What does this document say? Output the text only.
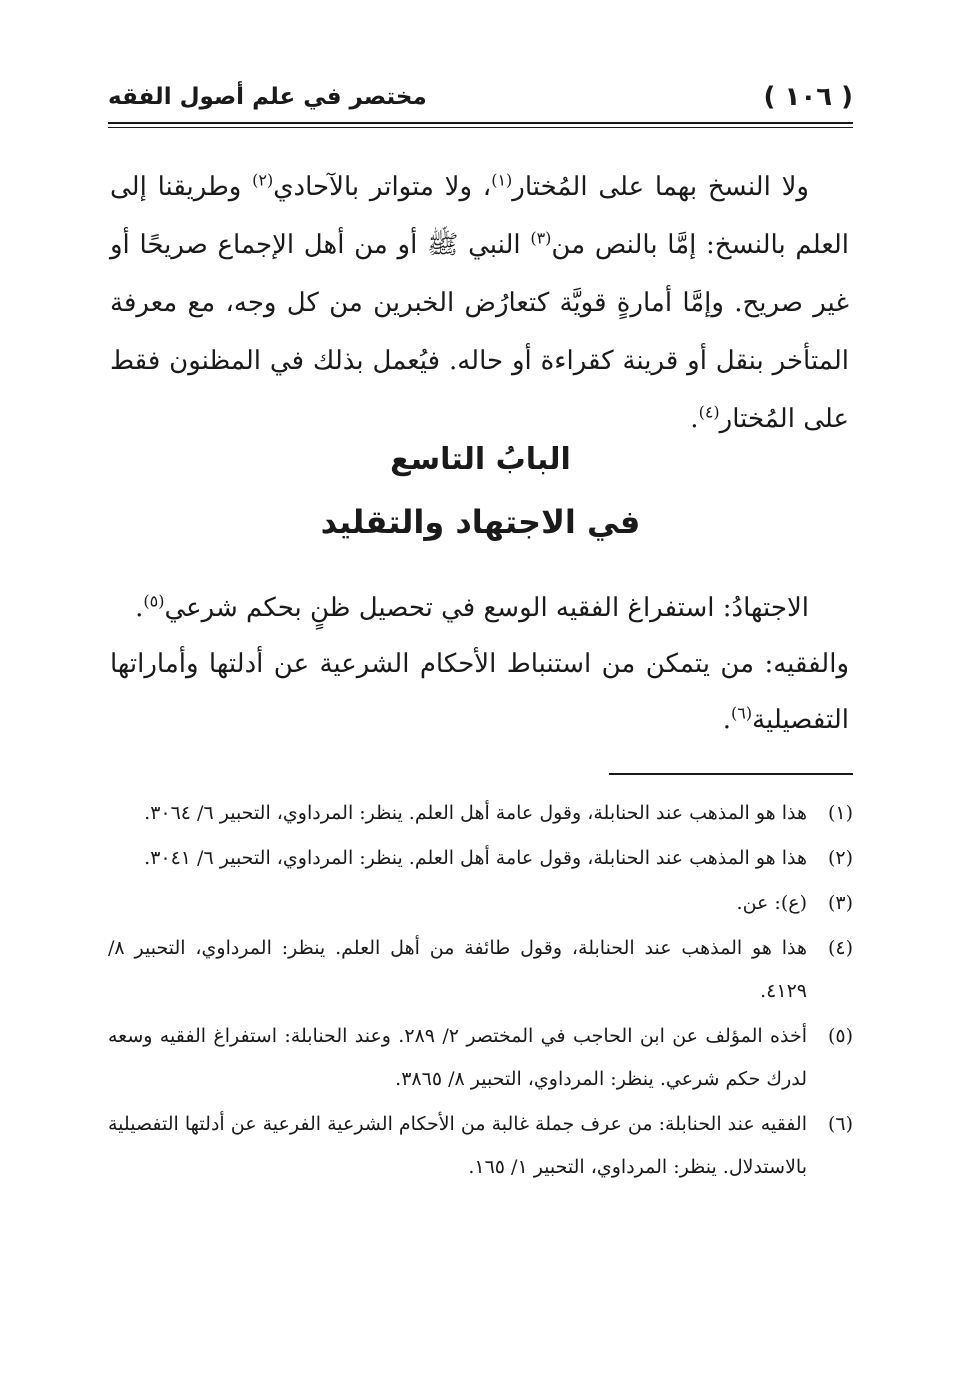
( ١٠٦ )
مختصر في علم أصول الفقه

ولا النسخ بهما على المُختار$^{(١)}$، ولا متواتر بالآحادي$^{(٢)}$ وطريقنا إلى العلم بالنسخ: إمَّا بالنص من$^{(٣)}$ النبي ﷺ أو من أهل الإجماع صريحًا أو غير صريح. وإمَّا أمارةٍ قويَّة كتعارُض الخبرين من كل وجه، مع معرفة المتأخر بنقل أو قرينة كقراءة أو حاله. فيُعمل بذلك في المظنون فقط على المُختار$^{(٤)}$.

البابُ التاسع
في الاجتهاد والتقليد

الاجتهادُ: استفراغ الفقيه الوسع في تحصيل ظنٍ بحكم شرعي$^{(٥)}$.

والفقيه: من يتمكن من استنباط الأحكام الشرعية عن أدلتها وأماراتها التفصيلية$^{(٦)}$.

(١)
هذا هو المذهب عند الحنابلة، وقول عامة أهل العلم. ينظر: المرداوي، التحبير ٦/ ٣٠٦٤.
(٢)
هذا هو المذهب عند الحنابلة، وقول عامة أهل العلم. ينظر: المرداوي، التحبير ٦/ ٣٠٤١.
(٣)
(ع): عن.
(٤)
هذا هو المذهب عند الحنابلة، وقول طائفة من أهل العلم. ينظر: المرداوي، التحبير ٨/ ٤١٢٩.
(٥)
أخذه المؤلف عن ابن الحاجب في المختصر ٢/ ٢٨٩. وعند الحنابلة: استفراغ الفقيه وسعه لدرك حكم شرعي. ينظر: المرداوي، التحبير ٨/ ٣٨٦٥.
(٦)
الفقيه عند الحنابلة: من عرف جملة غالبة من الأحكام الشرعية الفرعية عن أدلتها التفصيلية بالاستدلال. ينظر: المرداوي، التحبير ١/ ١٦٥.
